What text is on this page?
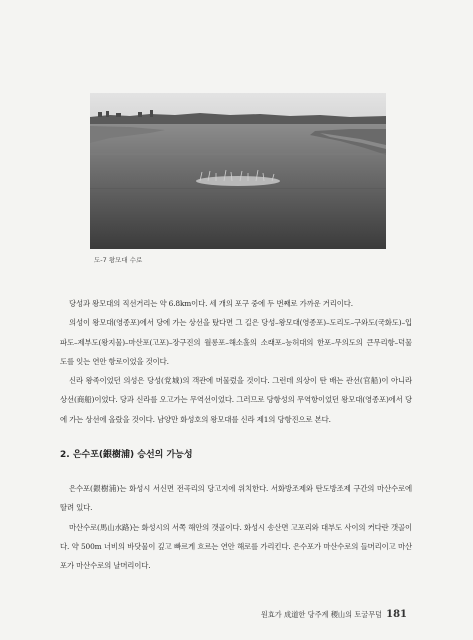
도-7 왕모대 수로

당성과 왕모대의 직선거리는 약 6.8km이다. 세 개의 포구 중에 두 번째로 가까운 거리이다.

의성이 왕모대(영종포)에서 당에 가는 상선을 탔다면 그 길은 당성–왕모대(영종포)–도리도–구와도(국화도)–입파도–제부도(왕지물)–마산포(고포)–장구진의 월롱포–해소홀의 소래포–능허대의 한포–무의도의 큰무리항–덕물도를 잇는 연안 항로이었을 것이다.

신라 왕족이었던 의성은 당성(党城)의 객관에 머물렀을 것이다. 그런데 의상이 탄 배는 관선(官船)이 아니라 상선(商船)이었다. 당과 신라를 오고가는 무역선이었다. 그러므로 당항성의 무역항이었던 왕모대(영종포)에서 당에 가는 상선에 올랐을 것이다. 남양만 화성호의 왕모대를 신라 제1의 당항진으로 본다.

2. 은수포(銀樹浦) 승선의 가능성

은수포(銀樹浦)는 화성시 서신면 전곡리의 당고지에 위치한다. 서화방조제와 탄도방조제 구간의 마산수로에 딸려 있다.

마산수로(馬山水路)는 화성시의 서쪽 해안의 갯골이다. 화성시 송산면 고포리와 대부도 사이의 커다란 갯골이다. 약 500m 너비의 바닷물이 깊고 빠르게 흐르는 연안 해로를 가리킨다. 은수포가 마산수로의 들머리이고 마산포가 마산수로의 날머리이다.

원효가 成道한 당주계 稷山의 토굴무덤 181
